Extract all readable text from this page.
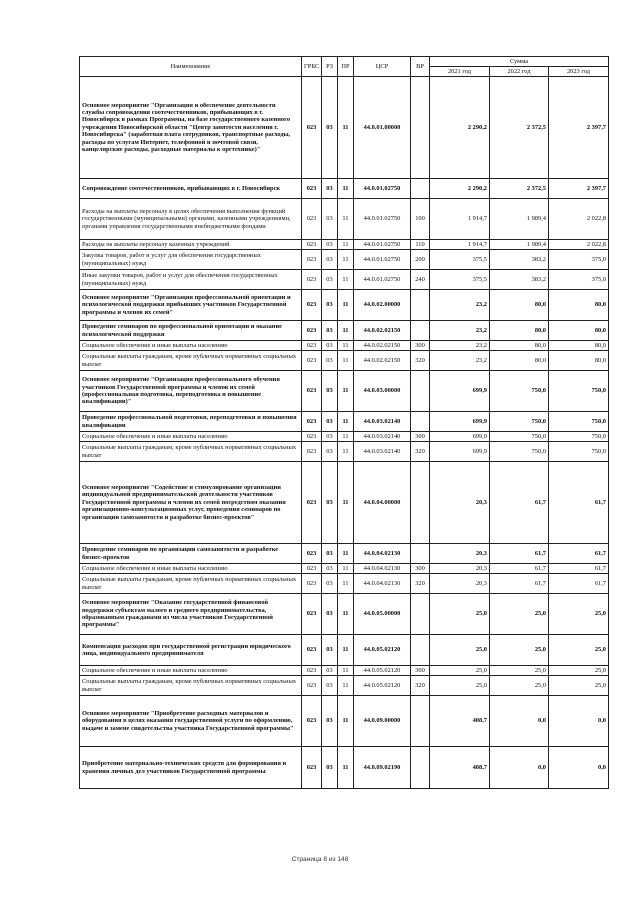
Наименование	ГРБС	РЗ	ПР	ЦСР	ВР	Сумма		
						2021 год	2022 год	2023 год
Основное мероприятие "Организация и обеспечение деятельности службы сопровождения соотечественников, прибывающих в г. Новосибирск в рамках Программы, на базе государственного казенного учреждения Новосибирской области "Центр занятости населения г. Новосибирска" (заработная плата сотрудников, транспортные расходы, расходы по услугам Интернет, телефонной и почтовой связи, канцелярские расходы, расходные материалы к оргтехнике)"	023	03	11	44.0.01.00000		2 290,2	2 372,5	2 397,7
Сопровождение соотечественников, прибывающих в г. Новосибирск	023	03	11	44.0.01.02750		2 290,2	2 372,5	2 397,7
Расходы на выплаты персоналу в целях обеспечения выполнения функций государственными (муниципальными) органами, казенными учреждениями, органами управления государственными внебюджетными фондами	023	03	11	44.0.01.02750	100	1 914,7	1 989,4	2 022,8
Расходы на выплаты персоналу казенных учреждений	023	03	11	44.0.01.02750	110	1 914,7	1 989,4	2 022,8
Закупка товаров, работ и услуг для обеспечения государственных (муниципальных) нужд	023	03	11	44.0.01.02750	200	375,5	383,2	375,0
Иные закупки товаров, работ и услуг для обеспечения государственных (муниципальных) нужд	023	03	11	44.0.01.02750	240	375,5	383,2	375,0
Основное мероприятие "Организация профессиональной ориентации и психологической поддержки прибывших участников Государственной программы и членов их семей"	023	03	11	44.0.02.00000		23,2	80,0	80,0
Проведение семинаров по профессиональной ориентации и оказание психологической поддержки	023	03	11	44.0.02.02150		23,2	80,0	80,0
Социальное обеспечение и иные выплаты населению	023	03	11	44.0.02.02150	300	23,2	80,0	80,0
Социальные выплаты гражданам, кроме публичных нормативных социальных выплат	023	03	11	44.0.02.02150	320	23,2	80,0	80,0
Основное мероприятие "Организация профессионального обучения участников Государственной программы и членов их семей (профессиональная подготовка, переподготовка и повышение квалификации)"	023	03	11	44.0.03.00000		699,9	750,0	750,0
Проведение профессиональной подготовки, переподготовки и повышения квалификации	023	03	11	44.0.03.02140		699,9	750,0	750,0
Социальное обеспечение и иные выплаты населению	023	03	11	44.0.03.02140	300	699,9	750,0	750,0
Социальные выплаты гражданам, кроме публичных нормативных социальных выплат	023	03	11	44.0.03.02140	320	699,9	750,0	750,0
Основное мероприятие "Содействие и стимулирование организации индивидуальной предпринимательской деятельности участников Государственной программы и членов их семей посредством оказания организационно-консультационных услуг, проведения семинаров по организации самозанятости и разработке бизнес-проектов"	023	03	11	44.0.04.00000		20,3	61,7	61,7
Проведение семинаров по организации самозанятости и разработке бизнес-проектов	023	03	11	44.0.04.02130		20,3	61,7	61,7
Социальное обеспечение и иные выплаты населению	023	03	11	44.0.04.02130	300	20,3	61,7	61,7
Социальные выплаты гражданам, кроме публичных нормативных социальных выплат	023	03	11	44.0.04.02130	320	20,3	61,7	61,7
Основное мероприятие "Оказание государственной финансовой поддержки субъектам малого и среднего предпринимательства, образованным гражданами из числа участников Государственной программы"	023	03	11	44.0.05.00000		25,0	25,0	25,0
Компенсация расходов при государственной регистрации юридического лица, индивидуального предпринимателя	023	03	11	44.0.05.02120		25,0	25,0	25,0
Социальное обеспечение и иные выплаты населению	023	03	11	44.0.05.02120	300	25,0	25,0	25,0
Социальные выплаты гражданам, кроме публичных нормативных социальных выплат	023	03	11	44.0.05.02120	320	25,0	25,0	25,0
Основное мероприятие "Приобретение расходных материалов и оборудования в целях оказания государственной услуги по оформлению, выдаче и замене свидетельства участника Государственной программы"	023	03	11	44.0.09.00000		408,7	0,0	0,0
Приобретение материально-технических средств для формирования и хранения личных дел участников Государственной программы	023	03	11	44.0.09.02190		408,7	0,0	0,0
Страница 8 из 148
